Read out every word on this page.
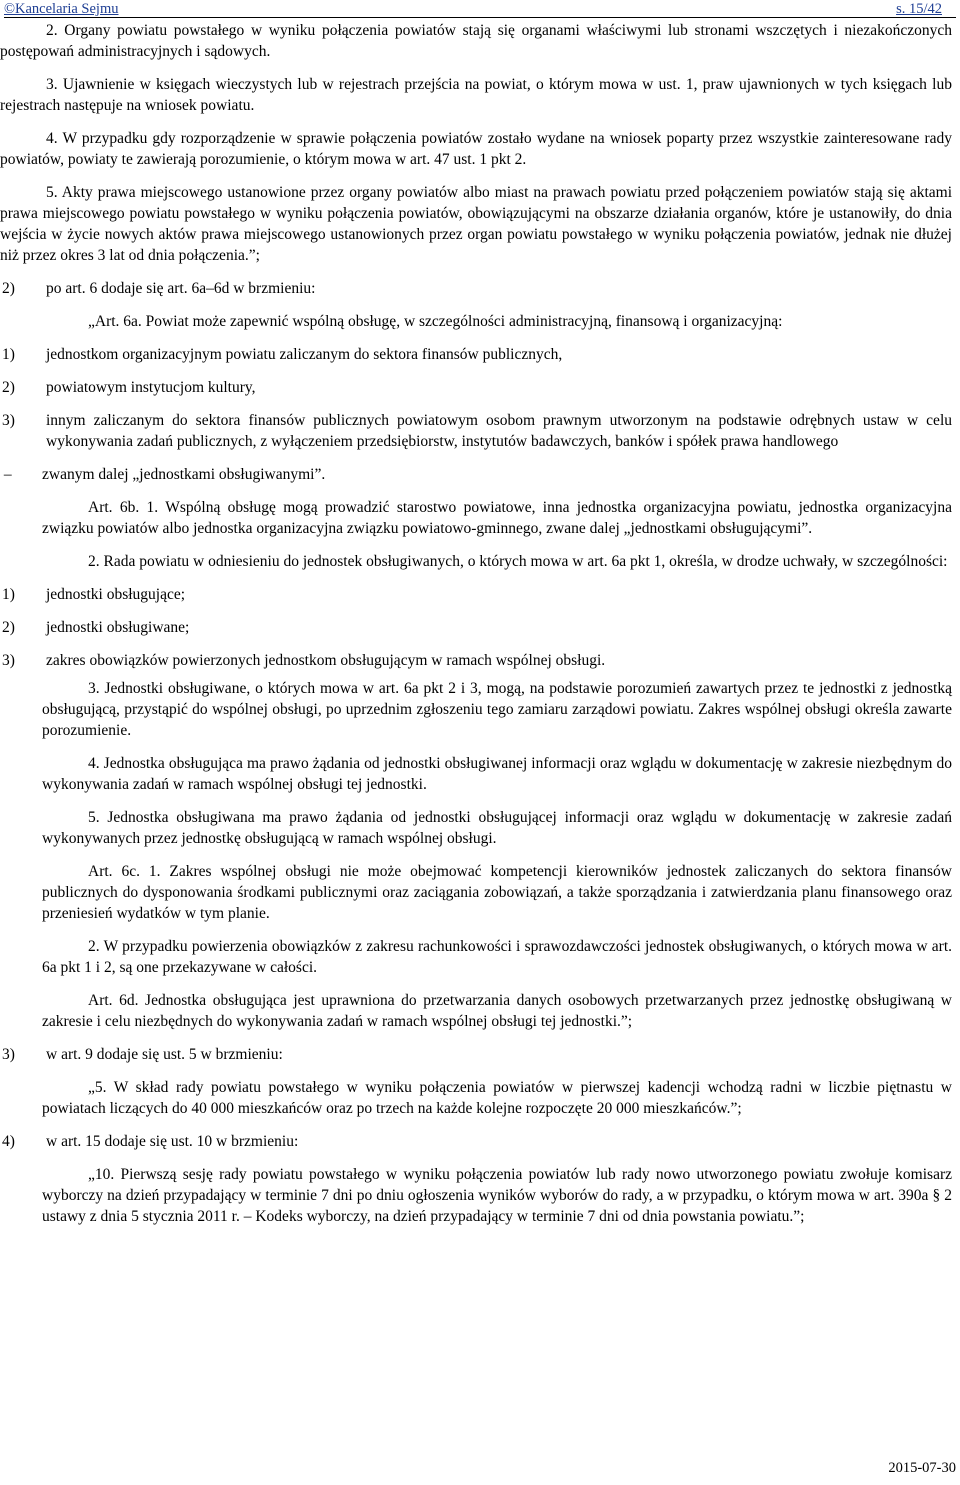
©Kancelaria Sejmu	s. 15/42

2. Organy powiatu powstałego w wyniku połączenia powiatów stają się organami właściwymi lub stronami wszczętych i niezakończonych postępowań administracyjnych i sądowych.

3. Ujawnienie w księgach wieczystych lub w rejestrach przejścia na powiat, o którym mowa w ust. 1, praw ujawnionych w tych księgach lub rejestrach następuje na wniosek powiatu.

4. W przypadku gdy rozporządzenie w sprawie połączenia powiatów zostało wydane na wniosek poparty przez wszystkie zainteresowane rady powiatów, powiaty te zawierają porozumienie, o którym mowa w art. 47 ust. 1 pkt 2.

5. Akty prawa miejscowego ustanowione przez organy powiatów albo miast na prawach powiatu przed połączeniem powiatów stają się aktami prawa miejscowego powiatu powstałego w wyniku połączenia powiatów, obowiązującymi na obszarze działania organów, które je ustanowiły, do dnia wejścia w życie nowych aktów prawa miejscowego ustanowionych przez organ powiatu powstałego w wyniku połączenia powiatów, jednak nie dłużej niż przez okres 3 lat od dnia połączenia.”;

2)	po art. 6 dodaje się art. 6a–6d w brzmieniu:

„Art. 6a. Powiat może zapewnić wspólną obsługę, w szczególności administracyjną, finansową i organizacyjną:

1)	jednostkom organizacyjnym powiatu zaliczanym do sektora finansów publicznych,
2)	powiatowym instytucjom kultury,
3)	innym zaliczanym do sektora finansów publicznych powiatowym osobom prawnym utworzonym na podstawie odrębnych ustaw w celu wykonywania zadań publicznych, z wyłączeniem przedsiębiorstw, instytutów badawczych, banków i spółek prawa handlowego

– zwanym dalej „jednostkami obsługiwanymi”.

Art. 6b. 1. Wspólną obsługę mogą prowadzić starostwo powiatowe, inna jednostka organizacyjna powiatu, jednostka organizacyjna związku powiatów albo jednostka organizacyjna związku powiatowo-gminnego, zwane dalej „jednostkami obsługującymi”.

2. Rada powiatu w odniesieniu do jednostek obsługiwanych, o których mowa w art. 6a pkt 1, określa, w drodze uchwały, w szczególności:

1)	jednostki obsługujące;
2)	jednostki obsługiwane;
3)	zakres obowiązków powierzonych jednostkom obsługującym w ramach wspólnej obsługi.

3. Jednostki obsługiwane, o których mowa w art. 6a pkt 2 i 3, mogą, na podstawie porozumień zawartych przez te jednostki z jednostką obsługującą, przystąpić do wspólnej obsługi, po uprzednim zgłoszeniu tego zamiaru zarządowi powiatu. Zakres wspólnej obsługi określa zawarte porozumienie.

4. Jednostka obsługująca ma prawo żądania od jednostki obsługiwanej informacji oraz wglądu w dokumentację w zakresie niezbędnym do wykonywania zadań w ramach wspólnej obsługi tej jednostki.

5. Jednostka obsługiwana ma prawo żądania od jednostki obsługującej informacji oraz wglądu w dokumentację w zakresie zadań wykonywanych przez jednostkę obsługującą w ramach wspólnej obsługi.

Art. 6c. 1. Zakres wspólnej obsługi nie może obejmować kompetencji kierowników jednostek zaliczanych do sektora finansów publicznych do dysponowania środkami publicznymi oraz zaciągania zobowiązań, a także sporządzania i zatwierdzania planu finansowego oraz przeniesień wydatków w tym planie.

2. W przypadku powierzenia obowiązków z zakresu rachunkowości i sprawozdawczości jednostek obsługiwanych, o których mowa w art. 6a pkt 1 i 2, są one przekazywane w całości.

Art. 6d. Jednostka obsługująca jest uprawniona do przetwarzania danych osobowych przetwarzanych przez jednostkę obsługiwaną w zakresie i celu niezbędnych do wykonywania zadań w ramach wspólnej obsługi tej jednostki.”;

3)	w art. 9 dodaje się ust. 5 w brzmieniu:

„5. W skład rady powiatu powstałego w wyniku połączenia powiatów w pierwszej kadencji wchodzą radni w liczbie piętnastu w powiatach liczących do 40 000 mieszkańców oraz po trzech na każde kolejne rozpoczęte 20 000 mieszkańców.”;

4)	w art. 15 dodaje się ust. 10 w brzmieniu:

„10. Pierwszą sesję rady powiatu powstałego w wyniku połączenia powiatów lub rady nowo utworzonego powiatu zwołuje komisarz wyborczy na dzień przypadający w terminie 7 dni po dniu ogłoszenia wyników wyborów do rady, a w przypadku, o którym mowa w art. 390a § 2 ustawy z dnia 5 stycznia 2011 r. – Kodeks wyborczy, na dzień przypadający w terminie 7 dni od dnia powstania powiatu.”;

2015-07-30
